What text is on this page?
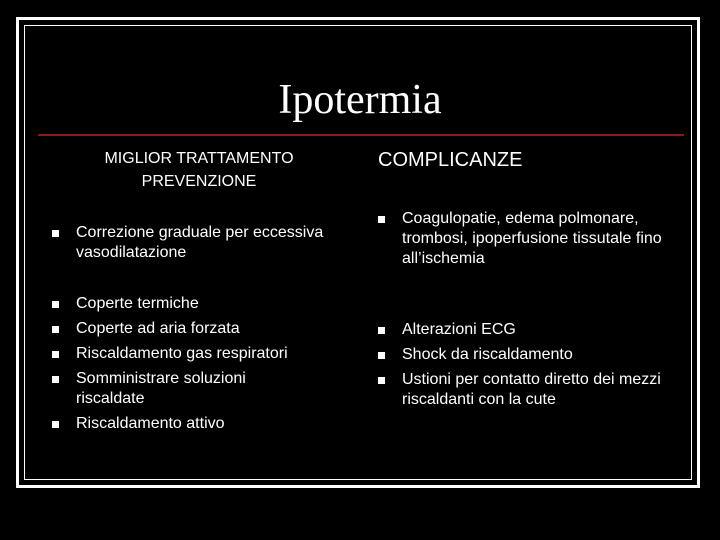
Ipotermia
MIGLIOR TRATTAMENTO
PREVENZIONE
COMPLICANZE
Correzione graduale per eccessiva vasodilatazione
Coperte termiche
Coperte ad aria forzata
Riscaldamento gas respiratori
Somministrare soluzioni riscaldate
Riscaldamento attivo
Coagulopatie, edema polmonare, trombosi, ipoperfusione tissutale fino all’ischemia
Alterazioni ECG
Shock da riscaldamento
Ustioni per contatto diretto dei mezzi riscaldanti con la cute
